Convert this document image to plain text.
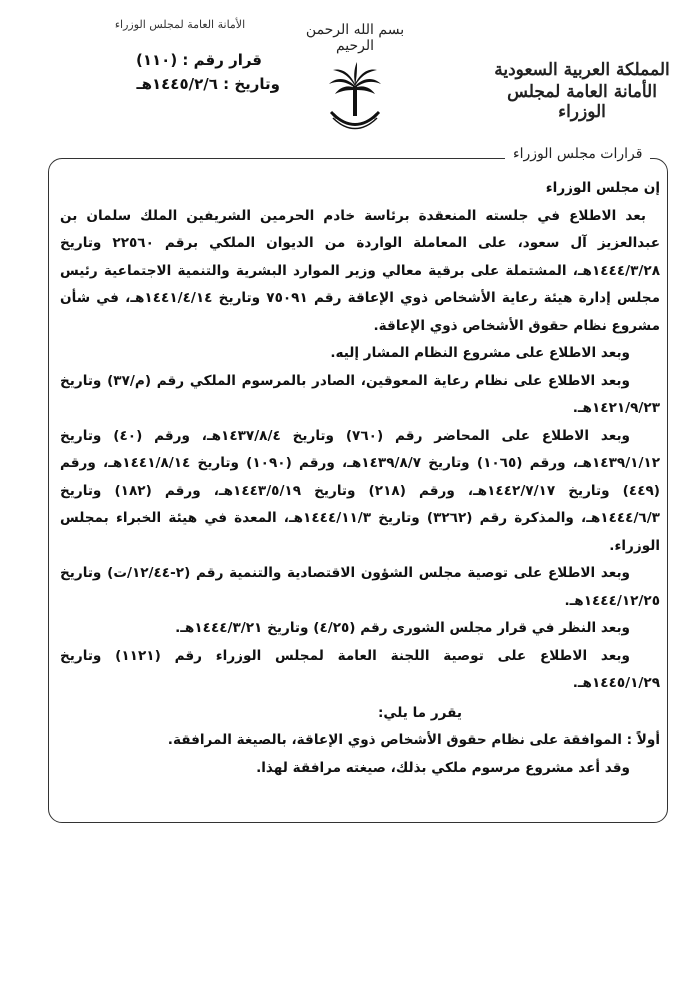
المملكة العربية السعودية
الأمانة العامة لمجلس الوزراء
بسم الله الرحمن الرحيم
الأمانة العامة لمجلس الوزراء
قرار رقم : (١١٠)
وتاريخ : ١٤٤٥/٢/٦هـ
قرارات مجلس الوزراء

إن مجلس الوزراء

بعد الاطلاع في جلسته المنعقدة برئاسة خادم الحرمين الشريفين الملك سلمان بن عبدالعزيز آل سعود، على المعاملة الواردة من الديوان الملكي برقم ٢٢٥٦٠ وتاريخ ١٤٤٤/٣/٢٨هـ، المشتملة على برقية معالي وزير الموارد البشرية والتنمية الاجتماعية رئيس مجلس إدارة هيئة رعاية الأشخاص ذوي الإعاقة رقم ٧٥٠٩١ وتاريخ ١٤٤١/٤/١٤هـ، في شأن مشروع نظام حقوق الأشخاص ذوي الإعاقة.

وبعد الاطلاع على مشروع النظام المشار إليه.

وبعد الاطلاع على نظام رعاية المعوقين، الصادر بالمرسوم الملكي رقم (م/٣٧) وتاريخ ١٤٢١/٩/٢٣هـ.

وبعد الاطلاع على المحاضر رقم (٧٦٠) وتاريخ ١٤٣٧/٨/٤هـ، ورقم (٤٠) وتاريخ ١٤٣٩/١/١٢هـ، ورقم (١٠٦٥) وتاريخ ١٤٣٩/٨/٧هـ، ورقم (١٠٩٠) وتاريخ ١٤٤١/٨/١٤هـ، ورقم (٤٤٩) وتاريخ ١٤٤٢/٧/١٧هـ، ورقم (٢١٨) وتاريخ ١٤٤٣/٥/١٩هـ، ورقم (١٨٢) وتاريخ ١٤٤٤/٦/٣هـ، والمذكرة رقم (٣٢٦٢) وتاريخ ١٤٤٤/١١/٣هـ، المعدة في هيئة الخبراء بمجلس الوزراء.

وبعد الاطلاع على توصية مجلس الشؤون الاقتصادية والتنمية رقم (٢-١٢/٤٤/ت) وتاريخ ١٤٤٤/١٢/٢٥هـ.

وبعد النظر في قرار مجلس الشورى رقم (٤/٢٥) وتاريخ ١٤٤٤/٣/٢١هـ.

وبعد الاطلاع على توصية اللجنة العامة لمجلس الوزراء رقم (١١٢١) وتاريخ ١٤٤٥/١/٢٩هـ.

يقرر ما يلي:

أولاً : الموافقة على نظام حقوق الأشخاص ذوي الإعاقة، بالصيغة المرافقة.

وقد أعد مشروع مرسوم ملكي بذلك، صيغته مرافقة لهذا.
